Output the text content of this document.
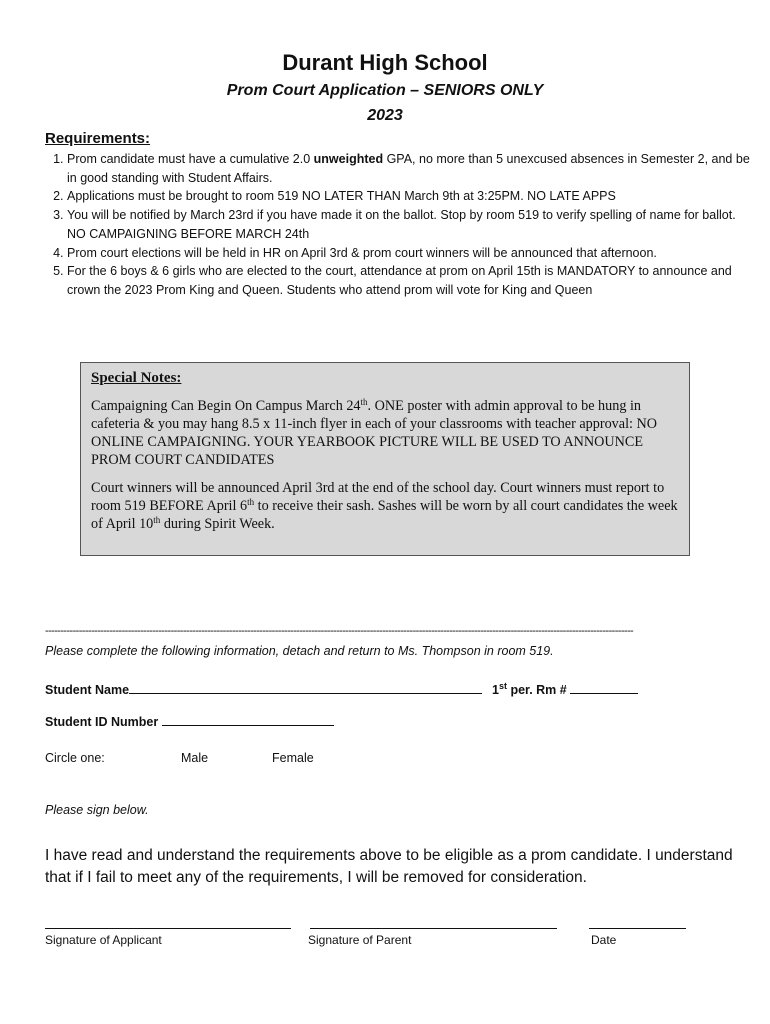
Durant High School
Prom Court Application – SENIORS ONLY
2023
Requirements:
1. Prom candidate must have a cumulative 2.0 unweighted GPA, no more than 5 unexcused absences in Semester 2, and be in good standing with Student Affairs.
2. Applications must be brought to room 519 NO LATER THAN March 9th at 3:25PM. NO LATE APPS
3. You will be notified by March 23rd if you have made it on the ballot. Stop by room 519 to verify spelling of name for ballot. NO CAMPAIGNING BEFORE MARCH 24th
4. Prom court elections will be held in HR on April 3rd & prom court winners will be announced that afternoon.
5. For the 6 boys & 6 girls who are elected to the court, attendance at prom on April 15th is MANDATORY to announce and crown the 2023 Prom King and Queen. Students who attend prom will vote for King and Queen
Special Notes:

Campaigning Can Begin On Campus March 24th. ONE poster with admin approval to be hung in cafeteria & you may hang 8.5 x 11-inch flyer in each of your classrooms with teacher approval: NO ONLINE CAMPAIGNING. YOUR YEARBOOK PICTURE WILL BE USED TO ANNOUNCE PROM COURT CANDIDATES

Court winners will be announced April 3rd at the end of the school day. Court winners must report to room 519 BEFORE April 6th to receive their sash. Sashes will be worn by all court candidates the week of April 10th during Spirit Week.

------------------------------------------------------------------------------------------------------------------------------------------------------------------------------------------------
Please complete the following information, detach and return to Ms. Thompson in room 519.
Student Name	1st per. Rm #
Student ID Number
Circle one:	Male	Female
Please sign below.
I have read and understand the requirements above to be eligible as a prom candidate. I understand that if I fail to meet any of the requirements, I will be removed for consideration.
Signature of Applicant	Signature of Parent	Date
